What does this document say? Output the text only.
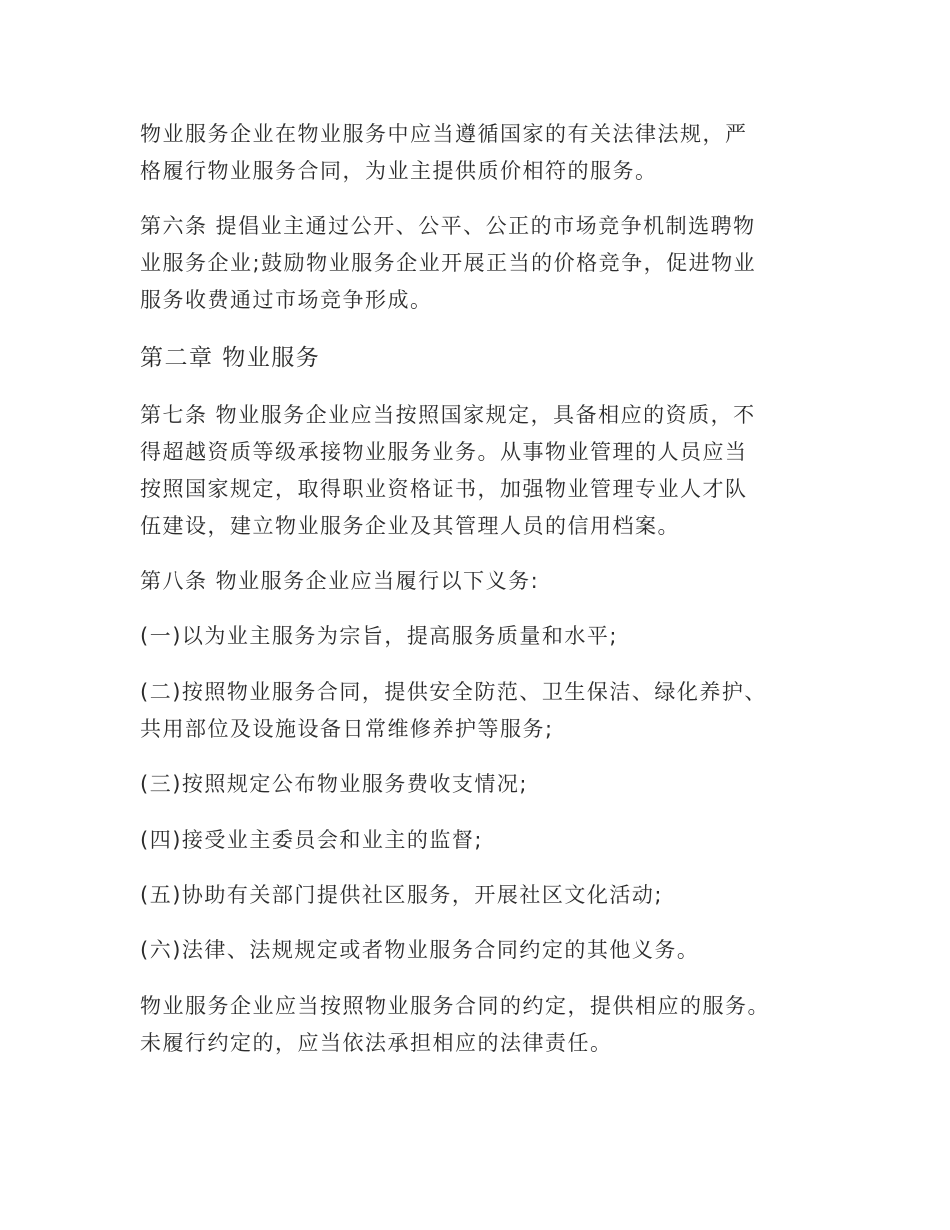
物业服务企业在物业服务中应当遵循国家的有关法律法规，严
格履行物业服务合同，为业主提供质价相符的服务。

第六条 提倡业主通过公开、公平、公正的市场竞争机制选聘物
业服务企业;鼓励物业服务企业开展正当的价格竞争，促进物业
服务收费通过市场竞争形成。

第二章 物业服务

第七条 物业服务企业应当按照国家规定，具备相应的资质，不
得超越资质等级承接物业服务业务。从事物业管理的人员应当
按照国家规定，取得职业资格证书，加强物业管理专业人才队
伍建设，建立物业服务企业及其管理人员的信用档案。

第八条 物业服务企业应当履行以下义务:

(一)以为业主服务为宗旨，提高服务质量和水平;

(二)按照物业服务合同，提供安全防范、卫生保洁、绿化养护、
共用部位及设施设备日常维修养护等服务;

(三)按照规定公布物业服务费收支情况;

(四)接受业主委员会和业主的监督;

(五)协助有关部门提供社区服务，开展社区文化活动;

(六)法律、法规规定或者物业服务合同约定的其他义务。

物业服务企业应当按照物业服务合同的约定，提供相应的服务。
未履行约定的，应当依法承担相应的法律责任。
